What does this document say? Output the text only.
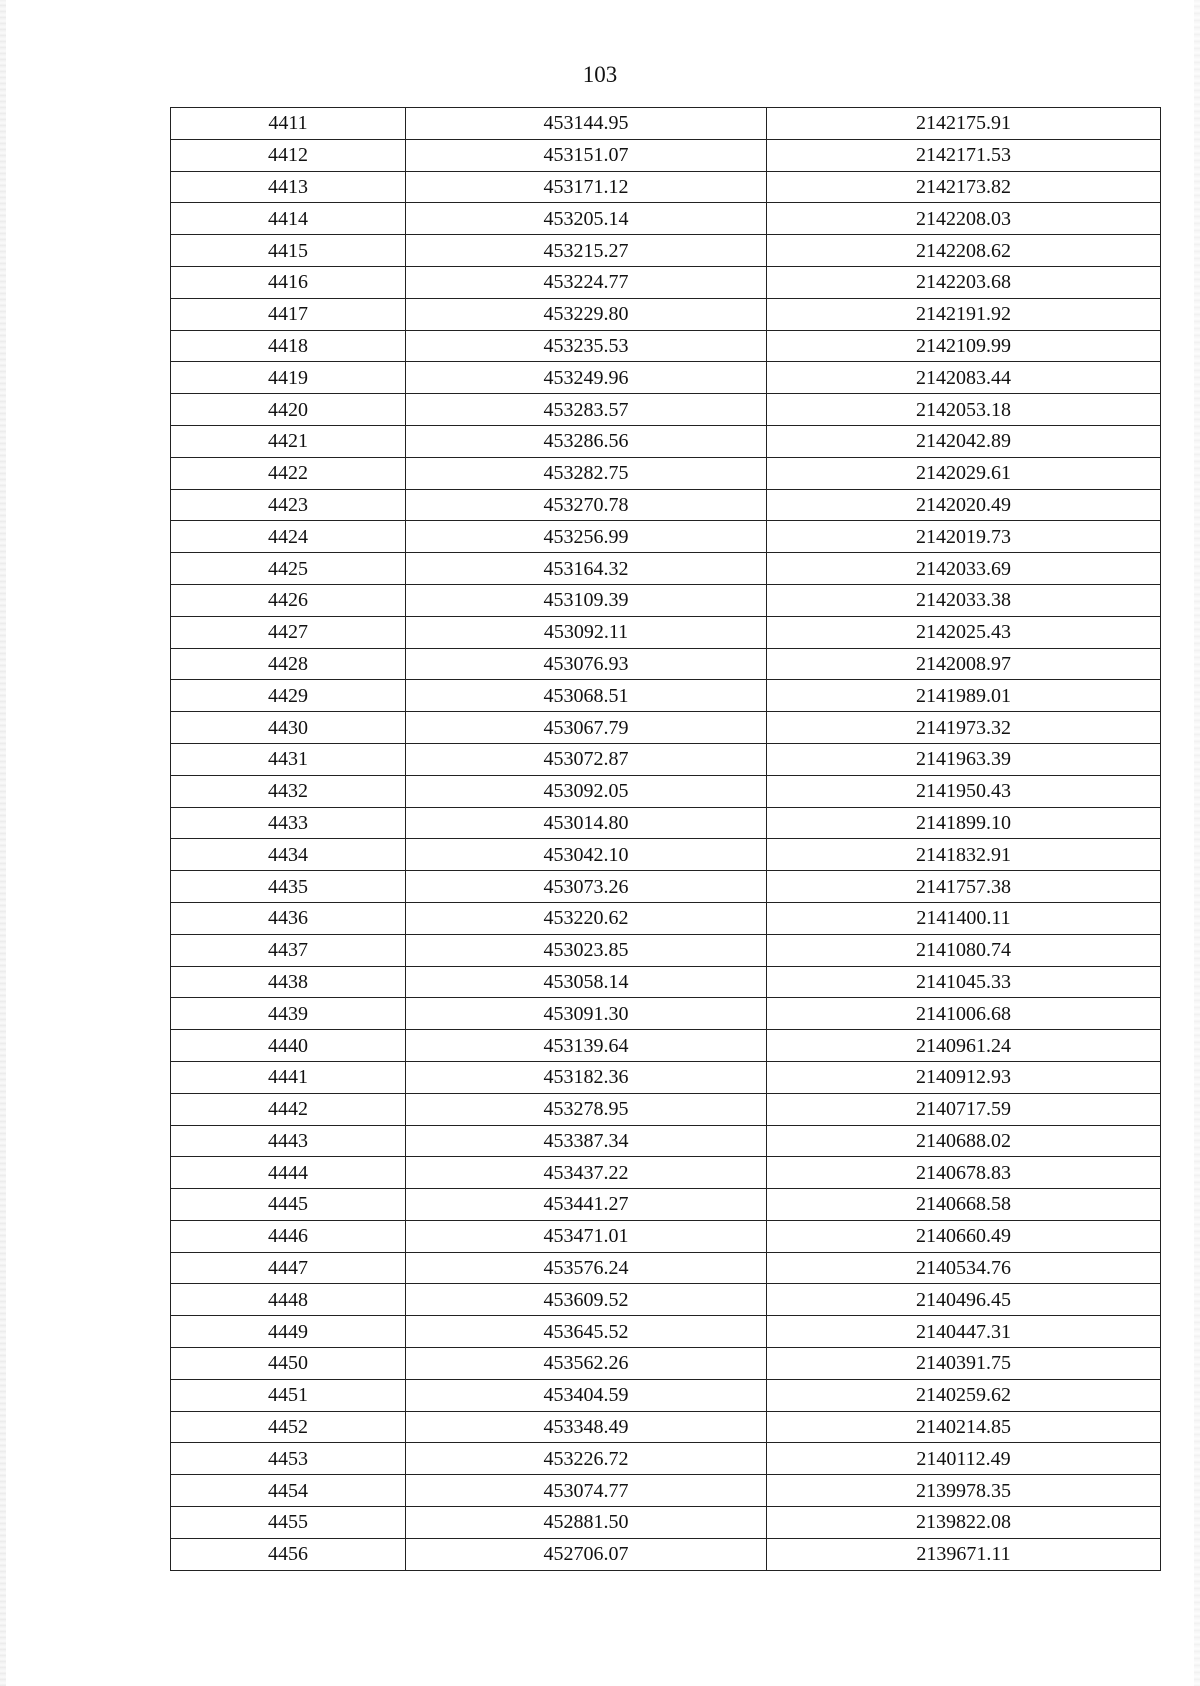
103
4411	453144.95	2142175.91
4412	453151.07	2142171.53
4413	453171.12	2142173.82
4414	453205.14	2142208.03
4415	453215.27	2142208.62
4416	453224.77	2142203.68
4417	453229.80	2142191.92
4418	453235.53	2142109.99
4419	453249.96	2142083.44
4420	453283.57	2142053.18
4421	453286.56	2142042.89
4422	453282.75	2142029.61
4423	453270.78	2142020.49
4424	453256.99	2142019.73
4425	453164.32	2142033.69
4426	453109.39	2142033.38
4427	453092.11	2142025.43
4428	453076.93	2142008.97
4429	453068.51	2141989.01
4430	453067.79	2141973.32
4431	453072.87	2141963.39
4432	453092.05	2141950.43
4433	453014.80	2141899.10
4434	453042.10	2141832.91
4435	453073.26	2141757.38
4436	453220.62	2141400.11
4437	453023.85	2141080.74
4438	453058.14	2141045.33
4439	453091.30	2141006.68
4440	453139.64	2140961.24
4441	453182.36	2140912.93
4442	453278.95	2140717.59
4443	453387.34	2140688.02
4444	453437.22	2140678.83
4445	453441.27	2140668.58
4446	453471.01	2140660.49
4447	453576.24	2140534.76
4448	453609.52	2140496.45
4449	453645.52	2140447.31
4450	453562.26	2140391.75
4451	453404.59	2140259.62
4452	453348.49	2140214.85
4453	453226.72	2140112.49
4454	453074.77	2139978.35
4455	452881.50	2139822.08
4456	452706.07	2139671.11
